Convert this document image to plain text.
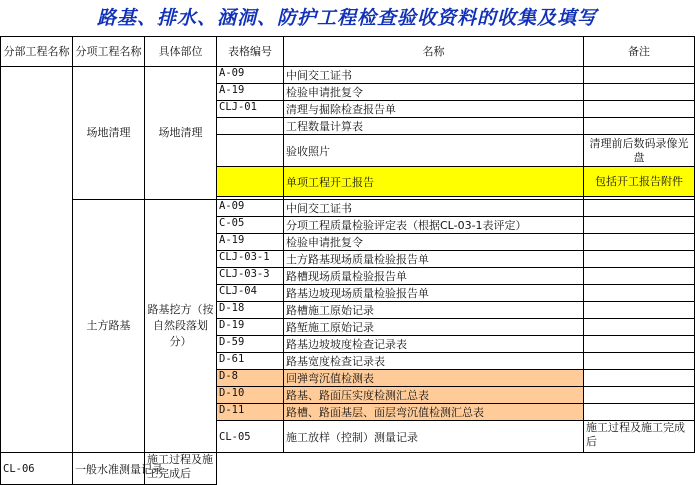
路基、排水、涵洞、防护工程检查验收资料的收集及填写
分部工程名称	分项工程名称	具体部位	表格编号	名称	备注
	场地清理	场地清理	A-09	中间交工证书	
			A-19	检验申请批复令	
			CLJ-01	清理与掘除检查报告单	
				工程数量计算表	
				验收照片	清理前后数码录像光盘
				单项工程开工报告	包括开工报告附件

	土方路基	路基挖方（按自然段落划分）	A-09	中间交工证书	
			C-05	分项工程质量检验评定表（根据CL-03-1表评定）	
			A-19	检验申请批复令	
			CLJ-03-1	土方路基现场质量检验报告单	
			CLJ-03-3	路槽现场质量检验报告单	
			CLJ-04	路基边坡现场质量检验报告单	
			D-18	路槽施工原始记录	
			D-19	路堑施工原始记录	
			D-59	路基边坡坡度检查记录表	
			D-61	路基宽度检查记录表	
			D-8	回弹弯沉值检测表	
			D-10	路基、路面压实度检测汇总表	
			D-11	路槽、路面基层、面层弯沉值检测汇总表	
			CL-05	施工放样（控制）测量记录	施工过程及施工完成后
CL-06	一般水准测量记录	施工过程及施工完成后			
